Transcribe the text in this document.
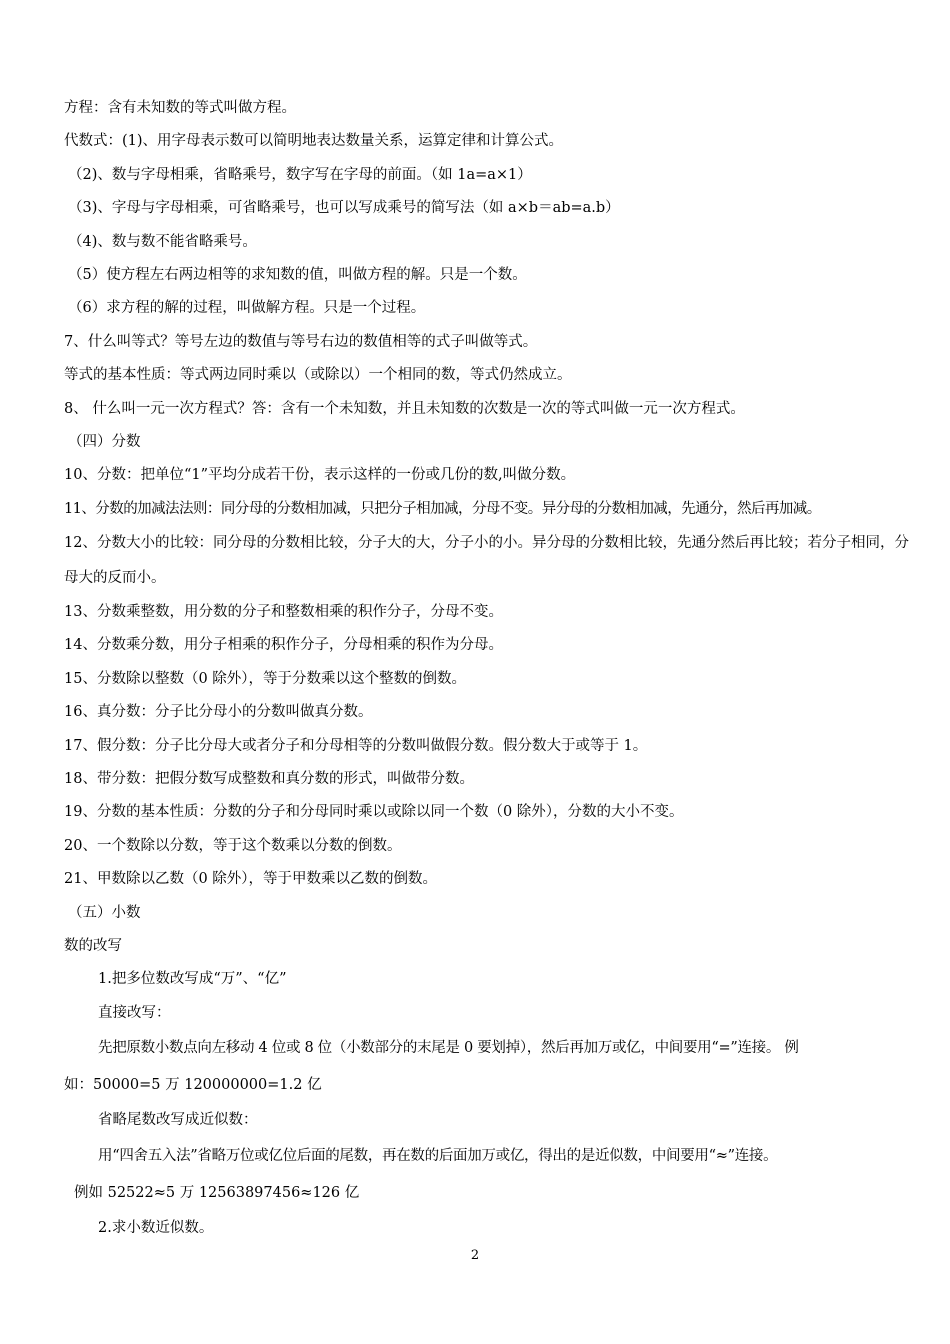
方程：含有未知数的等式叫做方程。
代数式：(1)、用字母表示数可以简明地表达数量关系，运算定律和计算公式。
（2)、数与字母相乘，省略乘号，数字写在字母的前面。（如 1a=a×1）
（3)、字母与字母相乘，可省略乘号，也可以写成乘号的简写法（如 a×b＝ab=a.b）
（4)、数与数不能省略乘号。
（5）使方程左右两边相等的求知数的值，叫做方程的解。只是一个数。
（6）求方程的解的过程，叫做解方程。只是一个过程。
7、什么叫等式？等号左边的数值与等号右边的数值相等的式子叫做等式。
等式的基本性质：等式两边同时乘以（或除以）一个相同的数，等式仍然成立。
8、 什么叫一元一次方程式？答：含有一个未知数，并且未知数的次数是一次的等式叫做一元一次方程式。
（四）分数
10、分数：把单位“1”平均分成若干份，表示这样的一份或几份的数,叫做分数。
11、分数的加减法法则：同分母的分数相加减，只把分子相加减，分母不变。异分母的分数相加减，先通分，然后再加减。
12、分数大小的比较：同分母的分数相比较，分子大的大，分子小的小。异分母的分数相比较，先通分然后再比较；若分子相同，分母大的反而小。
13、分数乘整数，用分数的分子和整数相乘的积作分子，分母不变。
14、分数乘分数，用分子相乘的积作分子，分母相乘的积作为分母。
15、分数除以整数（0 除外），等于分数乘以这个整数的倒数。
16、真分数：分子比分母小的分数叫做真分数。
17、假分数：分子比分母大或者分子和分母相等的分数叫做假分数。假分数大于或等于 1。
18、带分数：把假分数写成整数和真分数的形式，叫做带分数。
19、分数的基本性质：分数的分子和分母同时乘以或除以同一个数（0 除外），分数的大小不变。
20、一个数除以分数，等于这个数乘以分数的倒数。
21、甲数除以乙数（0 除外），等于甲数乘以乙数的倒数。
（五）小数
数的改写
1.把多位数改写成“万”、“亿”
直接改写：
先把原数小数点向左移动 4 位或 8 位（小数部分的末尾是 0 要划掉），然后再加万或亿，中间要用“=”连接。 例
如：50000=5 万 120000000=1.2 亿
省略尾数改写成近似数：
用“四舍五入法”省略万位或亿位后面的尾数，再在数的后面加万或亿，得出的是近似数，中间要用“≈”连接。
例如 52522≈5 万 12563897456≈126 亿
2.求小数近似数。
2
